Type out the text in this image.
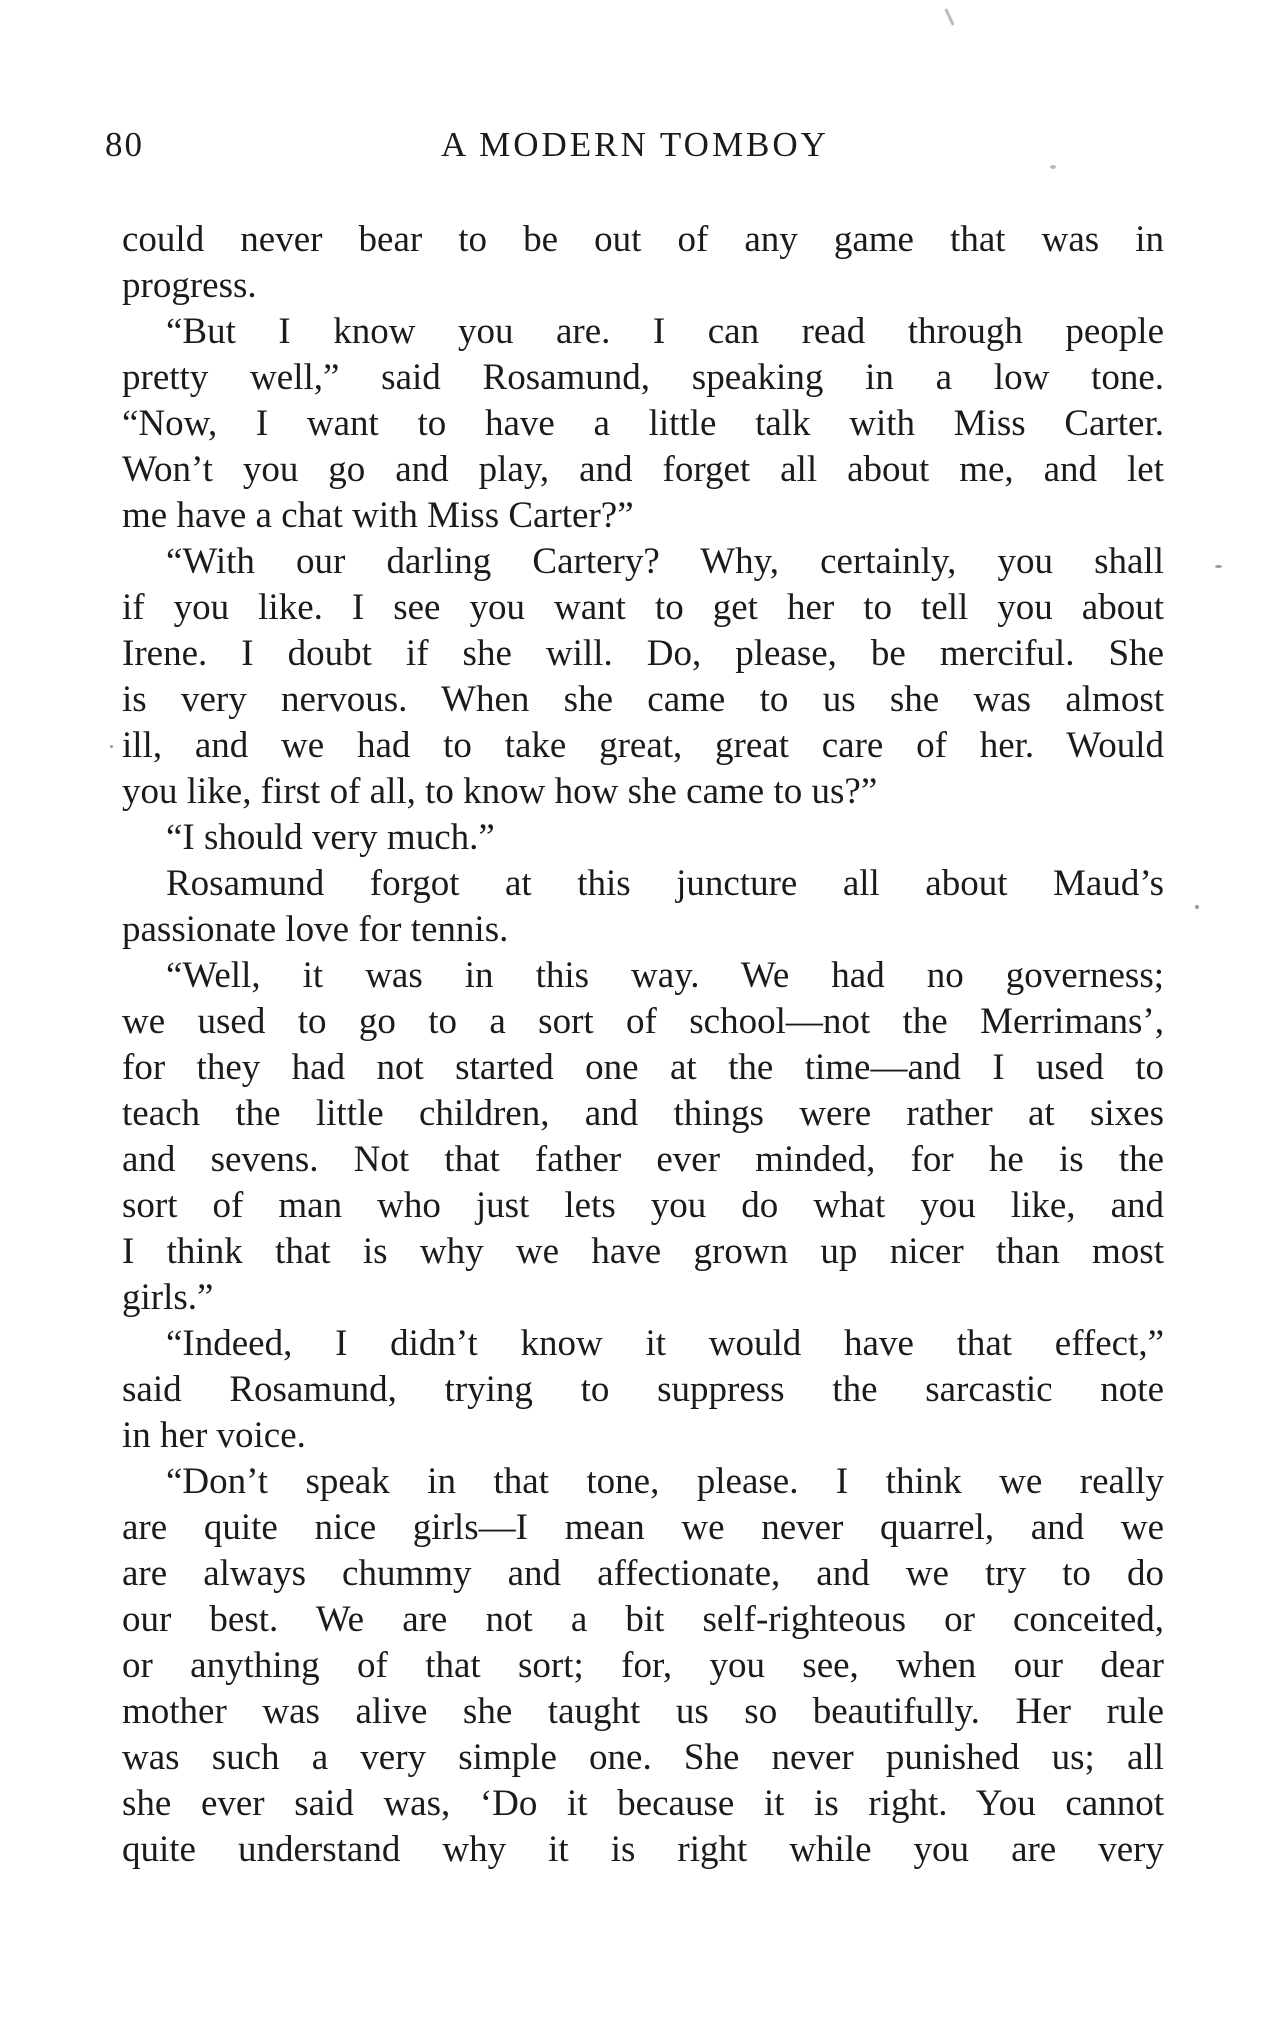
80	A MODERN TOMBOY
could never bear to be out of any game that was in
progress.
“But I know you are. I can read through people
pretty well,” said Rosamund, speaking in a low tone.
“Now, I want to have a little talk with Miss Carter.
Won’t you go and play, and forget all about me, and let
me have a chat with Miss Carter?”
“With our darling Cartery? Why, certainly, you shall
if you like. I see you want to get her to tell you about
Irene. I doubt if she will. Do, please, be merciful. She
is very nervous. When she came to us she was almost
ill, and we had to take great, great care of her. Would
you like, first of all, to know how she came to us?”
“I should very much.”
Rosamund forgot at this juncture all about Maud’s
passionate love for tennis.
“Well, it was in this way. We had no governess;
we used to go to a sort of school—not the Merrimans’,
for they had not started one at the time—and I used to
teach the little children, and things were rather at sixes
and sevens. Not that father ever minded, for he is the
sort of man who just lets you do what you like, and
I think that is why we have grown up nicer than most
girls.”
“Indeed, I didn’t know it would have that effect,”
said Rosamund, trying to suppress the sarcastic note
in her voice.
“Don’t speak in that tone, please. I think we really
are quite nice girls—I mean we never quarrel, and we
are always chummy and affectionate, and we try to do
our best. We are not a bit self-righteous or conceited,
or anything of that sort; for, you see, when our dear
mother was alive she taught us so beautifully. Her rule
was such a very simple one. She never punished us; all
she ever said was, ‘Do it because it is right. You cannot
quite understand why it is right while you are very
